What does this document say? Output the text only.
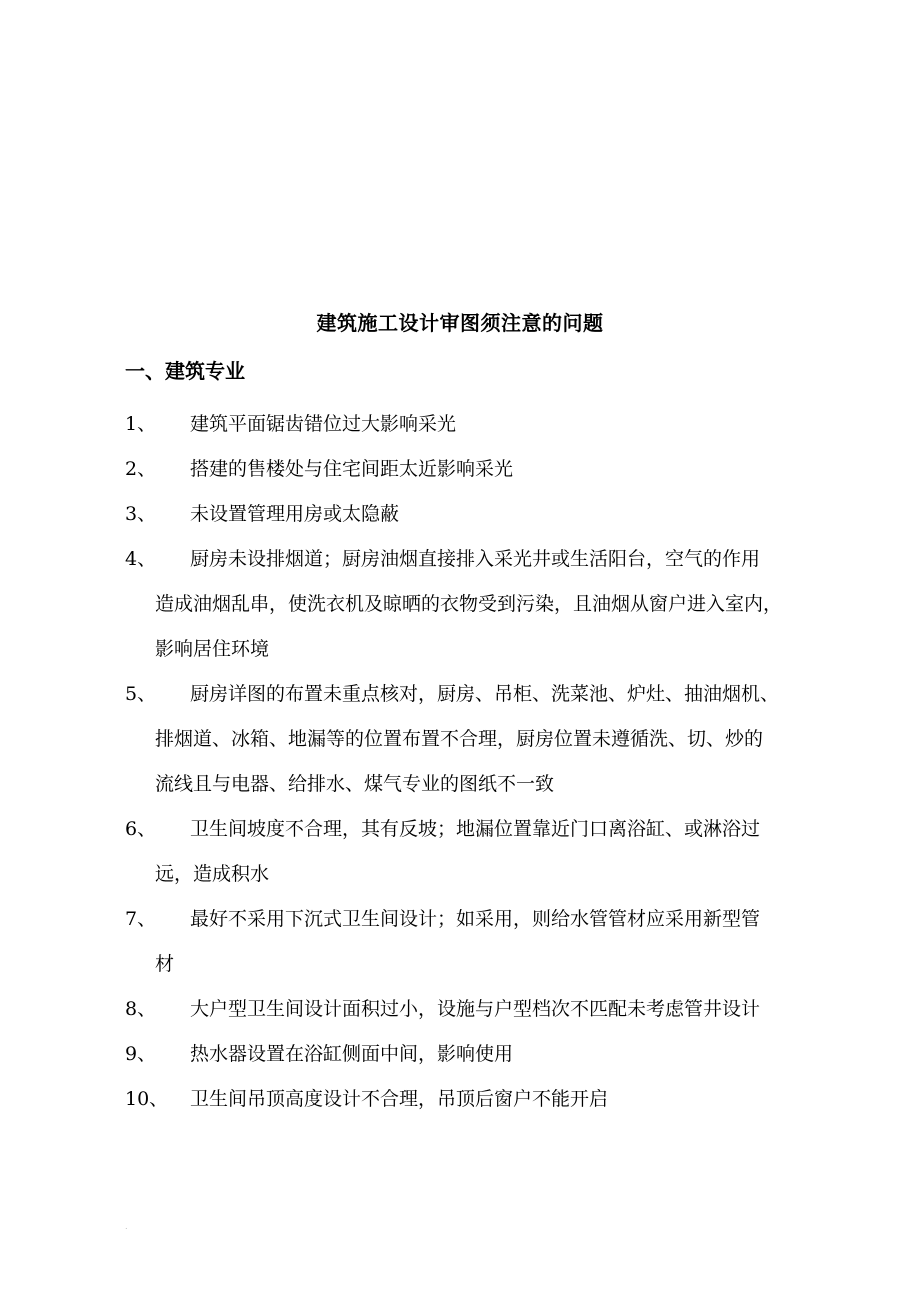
建筑施工设计审图须注意的问题
一、建筑专业
1、	建筑平面锯齿错位过大影响采光
2、	搭建的售楼处与住宅间距太近影响采光
3、	未设置管理用房或太隐蔽
4、 厨房未设排烟道；厨房油烟直接排入采光井或生活阳台，空气的作用
造成油烟乱串，使洗衣机及晾晒的衣物受到污染，且油烟从窗户进入室内，
影响居住环境
5、 厨房详图的布置未重点核对，厨房、吊柜、洗菜池、炉灶、抽油烟机、
排烟道、冰箱、地漏等的位置布置不合理，厨房位置未遵循洗、切、炒的
流线且与电器、给排水、煤气专业的图纸不一致
6、 卫生间坡度不合理，其有反坡；地漏位置靠近门口离浴缸、或淋浴过
远，造成积水
7、 最好不采用下沉式卫生间设计；如采用，则给水管管材应采用新型管
材
8、	大户型卫生间设计面积过小，设施与户型档次不匹配未考虑管井设计
9、	热水器设置在浴缸侧面中间，影响使用
10、	卫生间吊顶高度设计不合理，吊顶后窗户不能开启
.
